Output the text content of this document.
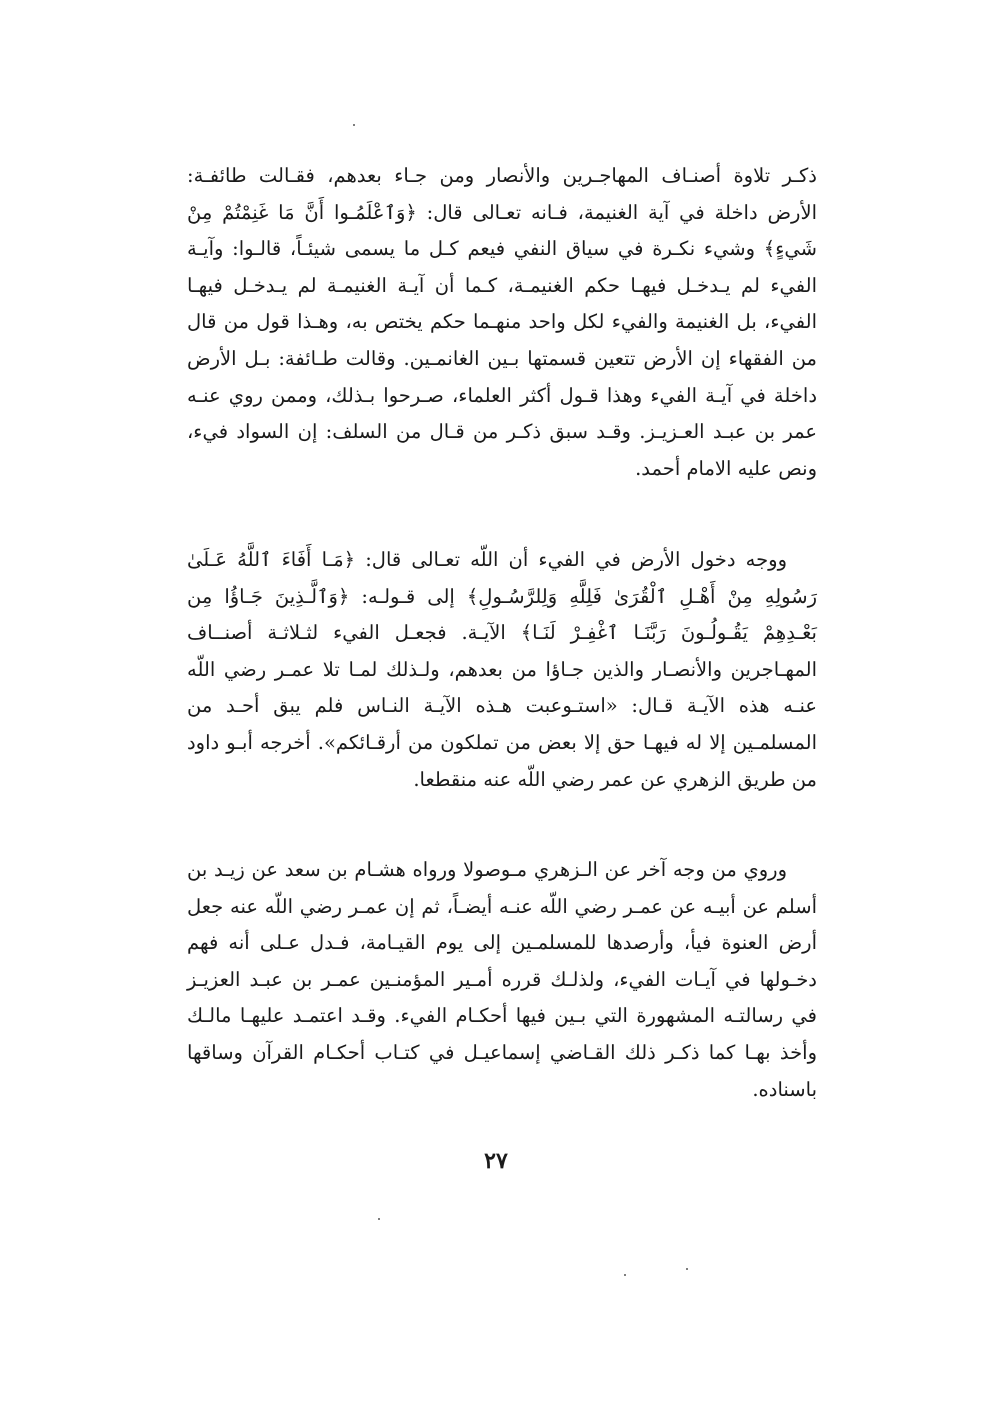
ذكـر تلاوة أصنـاف المهاجـرين والأنصار ومن جـاء بعدهم، فقـالت طائفـة: الأرض داخلة في آية الغنيمة، فـانه تعـالى قال: ﴿وَٱعْلَمُـوا أَنَّ مَا غَنِمْتُمْ مِنْ شَيءٍ﴾ وشيء نكـرة في سياق النفي فيعم كـل ما يسمى شيئـاً، قالـوا: وآيـة الفيء لم يـدخـل فيهـا حكم الغنيمـة، كـما أن آيـة الغنيمـة لم يـدخـل فيهـا الفيء، بل الغنيمة والفيء لكل واحد منهـما حكم يختص به، وهـذا قول من قال من الفقهاء إن الأرض تتعين قسمتها بـين الغانمـين. وقالت طـائفة: بـل الأرض داخلة في آيـة الفيء وهذا قـول أكثر العلماء، صـرحوا بـذلك، وممن روي عنـه عمر بن عبـد العـزيـز. وقـد سبق ذكـر من قـال من السلف: إن السواد فيء، ونص عليه الامام أحمد.

ووجه دخول الأرض في الفيء أن اللّه تعـالى قال: ﴿مَـا أَفَاءَ ٱللَّهُ عَـلَىٰ رَسُولِهِ مِنْ أَهْـلِ ٱلْقُرَىٰ فَلِلَّهِ وَلِلرَّسُـولِ﴾ إلى قـولـه: ﴿وَٱلَّـذِينَ جَـاؤُا مِن بَعْـدِهِمْ يَقُـولُـونَ رَبَّنَـا ٱغْفِـرْ لَنَـا﴾ الآيـة. فجعـل الفيء لثـلاثـة أصنــاف المهـاجرين والأنصـار والذين جـاؤا من بعدهم، ولـذلك لمـا تلا عمـر رضي اللّه عنـه هذه الآيـة قـال: «استـوعبت هـذه الآيـة النـاس فلم يبق أحـد من المسلمـين إلا له فيهـا حق إلا بعض من تملكون من أرقـائكم». أخرجه أبـو داود من طريق الزهري عن عمر رضي اللّه عنه منقطعا.

وروي من وجه آخر عن الـزهري مـوصولا ورواه هشـام بن سعد عن زيـد بن أسلم عن أبيـه عن عمـر رضي اللّه عنـه أيضـاً، ثم إن عمـر رضي اللّه عنه جعل أرض العنوة فيأ، وأرصدها للمسلمـين إلى يوم القيـامة، فـدل عـلى أنه فهم دخـولها في آيـات الفيء، ولذلـك قرره أمـير المؤمنـين عمـر بن عبـد العزيـز في رسالتـه المشهورة التي بـين فيها أحكـام الفيء. وقـد اعتمـد عليهـا مالـك وأخذ بهـا كما ذكـر ذلك القـاضي إسماعيـل في كتـاب أحكـام القرآن وساقها باسناده.

٢٧
